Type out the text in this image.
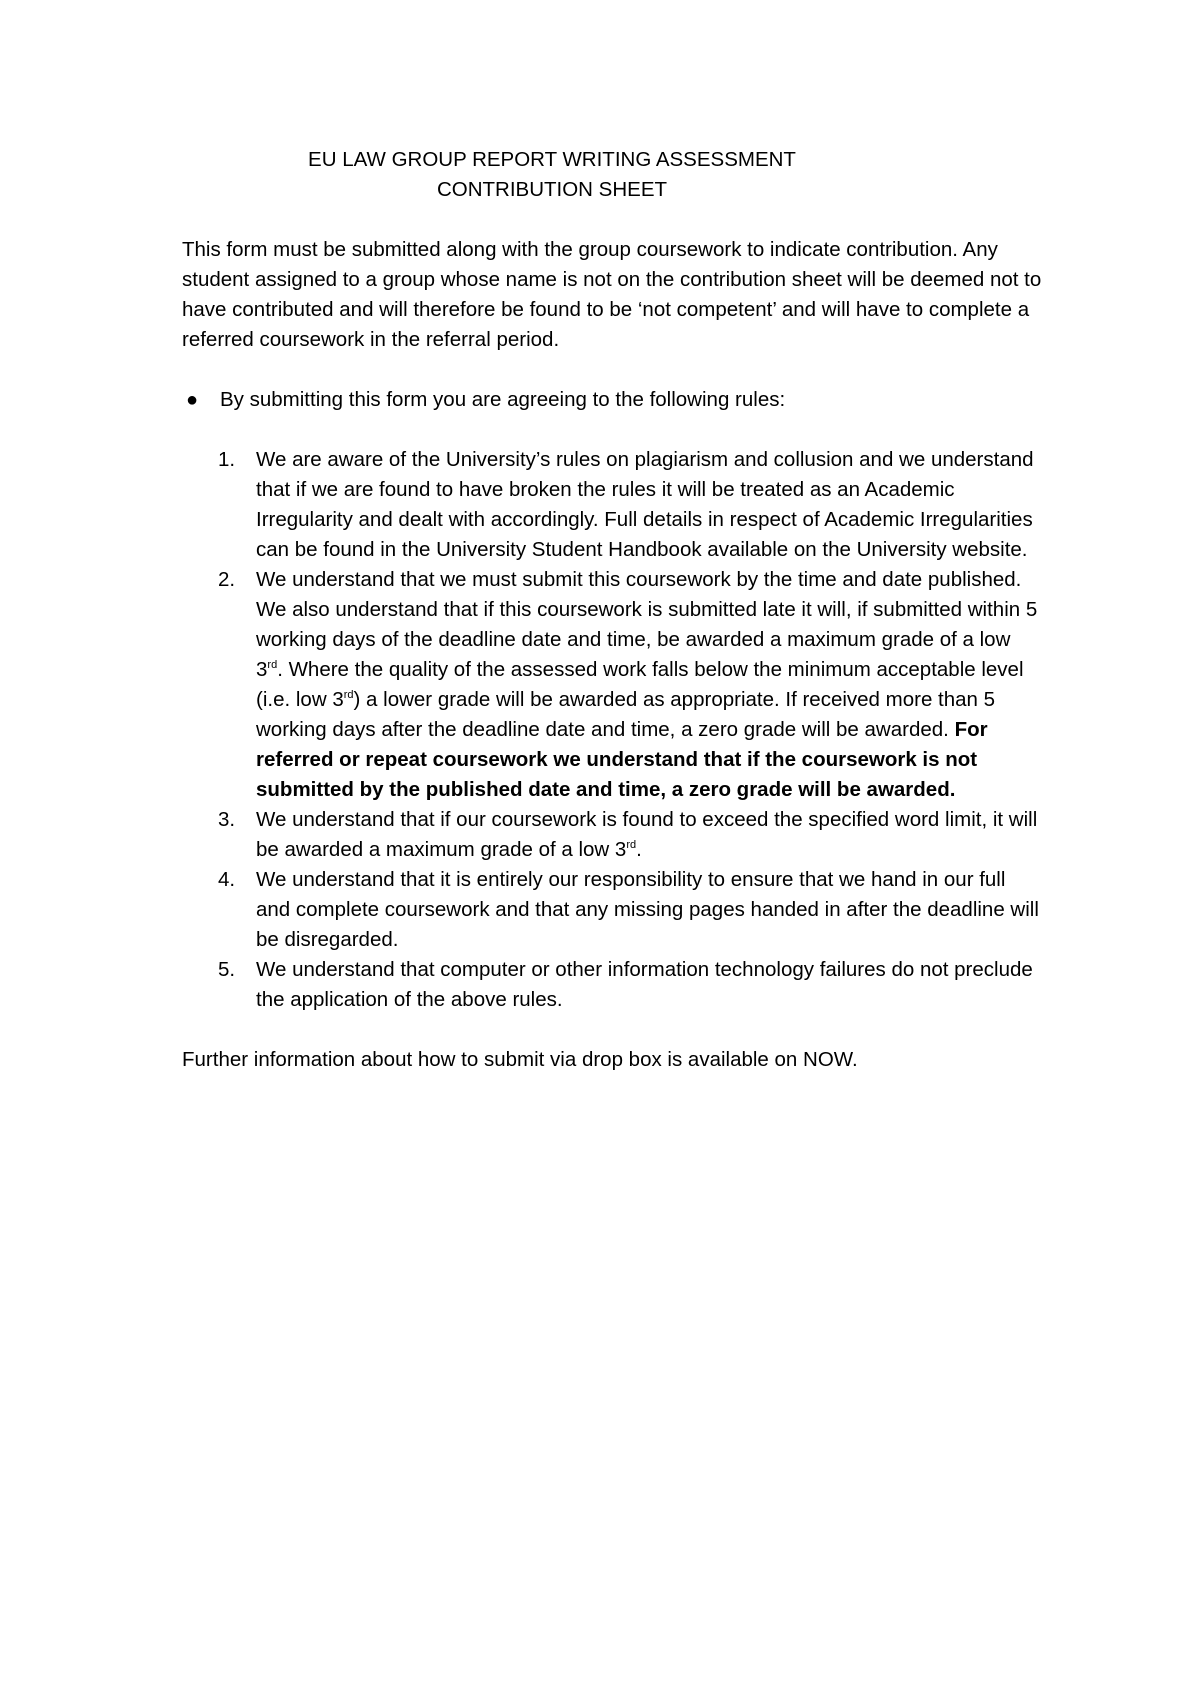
EU LAW GROUP REPORT WRITING ASSESSMENT
CONTRIBUTION SHEET

This form must be submitted along with the group coursework to indicate contribution. Any student assigned to a group whose name is not on the contribution sheet will be deemed not to have contributed and will therefore be found to be ‘not competent’ and will have to complete a referred coursework in the referral period.

● By submitting this form you are agreeing to the following rules:
1. We are aware of the University’s rules on plagiarism and collusion and we understand that if we are found to have broken the rules it will be treated as an Academic Irregularity and dealt with accordingly. Full details in respect of Academic Irregularities can be found in the University Student Handbook available on the University website.
2. We understand that we must submit this coursework by the time and date published. We also understand that if this coursework is submitted late it will, if submitted within 5 working days of the deadline date and time, be awarded a maximum grade of a low 3rd. Where the quality of the assessed work falls below the minimum acceptable level (i.e. low 3rd) a lower grade will be awarded as appropriate. If received more than 5 working days after the deadline date and time, a zero grade will be awarded. For referred or repeat coursework we understand that if the coursework is not submitted by the published date and time, a zero grade will be awarded.
3. We understand that if our coursework is found to exceed the specified word limit, it will be awarded a maximum grade of a low 3rd.
4. We understand that it is entirely our responsibility to ensure that we hand in our full and complete coursework and that any missing pages handed in after the deadline will be disregarded.
5. We understand that computer or other information technology failures do not preclude the application of the above rules.

Further information about how to submit via drop box is available on NOW.
